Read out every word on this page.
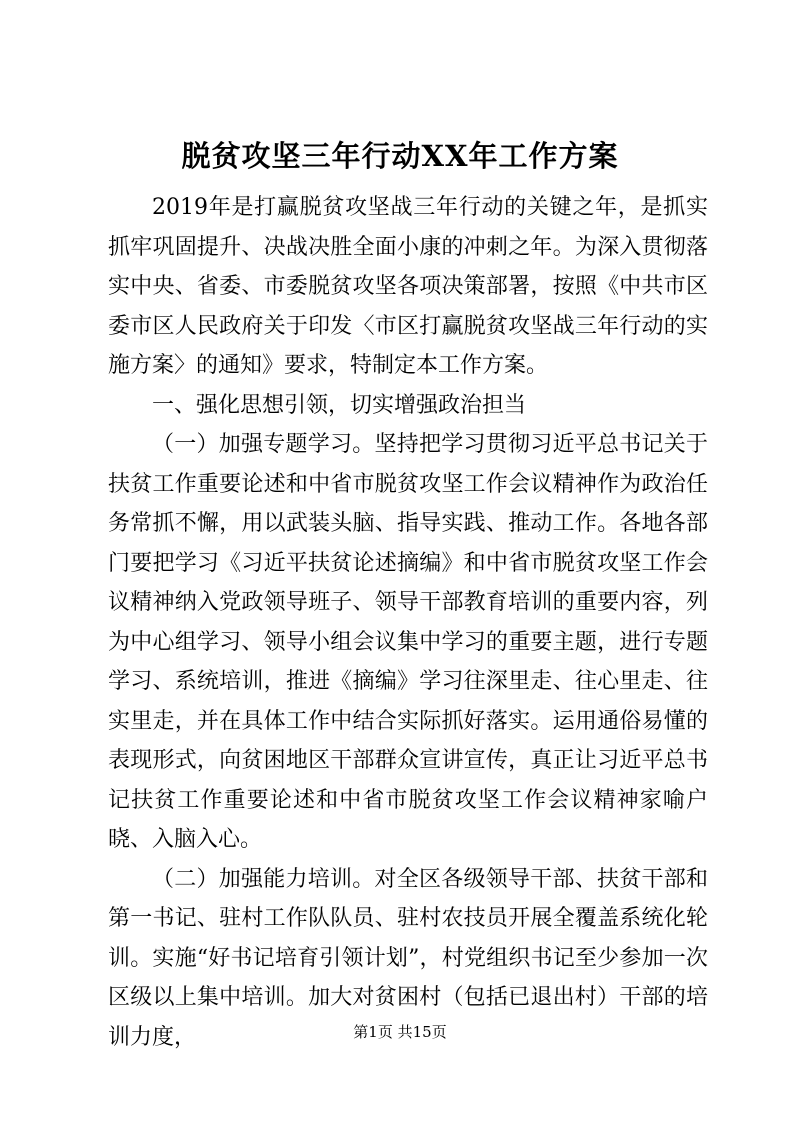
脱贫攻坚三年行动XX年工作方案

2019年是打赢脱贫攻坚战三年行动的关键之年，是抓实抓牢巩固提升、决战决胜全面小康的冲刺之年。为深入贯彻落实中央、省委、市委脱贫攻坚各项决策部署，按照《中共市区委市区人民政府关于印发〈市区打赢脱贫攻坚战三年行动的实施方案〉的通知》要求，特制定本工作方案。

一、强化思想引领，切实增强政治担当

（一）加强专题学习。坚持把学习贯彻习近平总书记关于扶贫工作重要论述和中省市脱贫攻坚工作会议精神作为政治任务常抓不懈，用以武装头脑、指导实践、推动工作。各地各部门要把学习《习近平扶贫论述摘编》和中省市脱贫攻坚工作会议精神纳入党政领导班子、领导干部教育培训的重要内容，列为中心组学习、领导小组会议集中学习的重要主题，进行专题学习、系统培训，推进《摘编》学习往深里走、往心里走、往实里走，并在具体工作中结合实际抓好落实。运用通俗易懂的表现形式，向贫困地区干部群众宣讲宣传，真正让习近平总书记扶贫工作重要论述和中省市脱贫攻坚工作会议精神家喻户晓、入脑入心。

（二）加强能力培训。对全区各级领导干部、扶贫干部和第一书记、驻村工作队队员、驻村农技员开展全覆盖系统化轮训。实施“好书记培育引领计划”，村党组织书记至少参加一次区级以上集中培训。加大对贫困村（包括已退出村）干部的培训力度，	第1页 共15页
